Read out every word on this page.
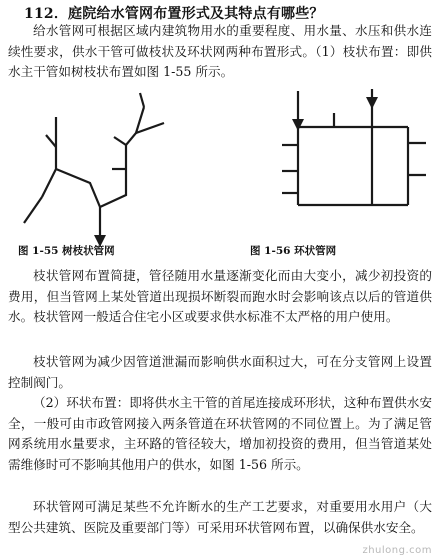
112．庭院给水管网布置形式及其特点有哪些？

给水管网可根据区域内建筑物用水的重要程度、用水量、水压和供水连续性要求，供水干管可做枝状及环状网两种布置形式。（1）枝状布置：即供水主干管如树枝状布置如图 1-55 所示。

图 1-55 树枝状管网	图 1-56 环状管网

枝状管网布置简捷，管径随用水量逐渐变化而由大变小，减少初投资的费用，但当管网上某处管道出现损坏断裂而跑水时会影响该点以后的管道供水。枝状管网一般适合住宅小区或要求供水标准不太严格的用户使用。

枝状管网为减少因管道泄漏而影响供水面积过大，可在分支管网上设置控制阀门。

（2）环状布置：即将供水主干管的首尾连接成环形状，这种布置供水安全，一般可由市政管网接入两条管道在环状管网的不同位置上。为了满足管网系统用水量要求，主环路的管径较大，增加初投资的费用，但当管道某处需维修时可不影响其他用户的供水，如图 1-56 所示。

环状管网可满足某些不允许断水的生产工艺要求，对重要用水用户（大型公共建筑、医院及重要部门等）可采用环状管网布置，以确保供水安全。

zhulong.com
